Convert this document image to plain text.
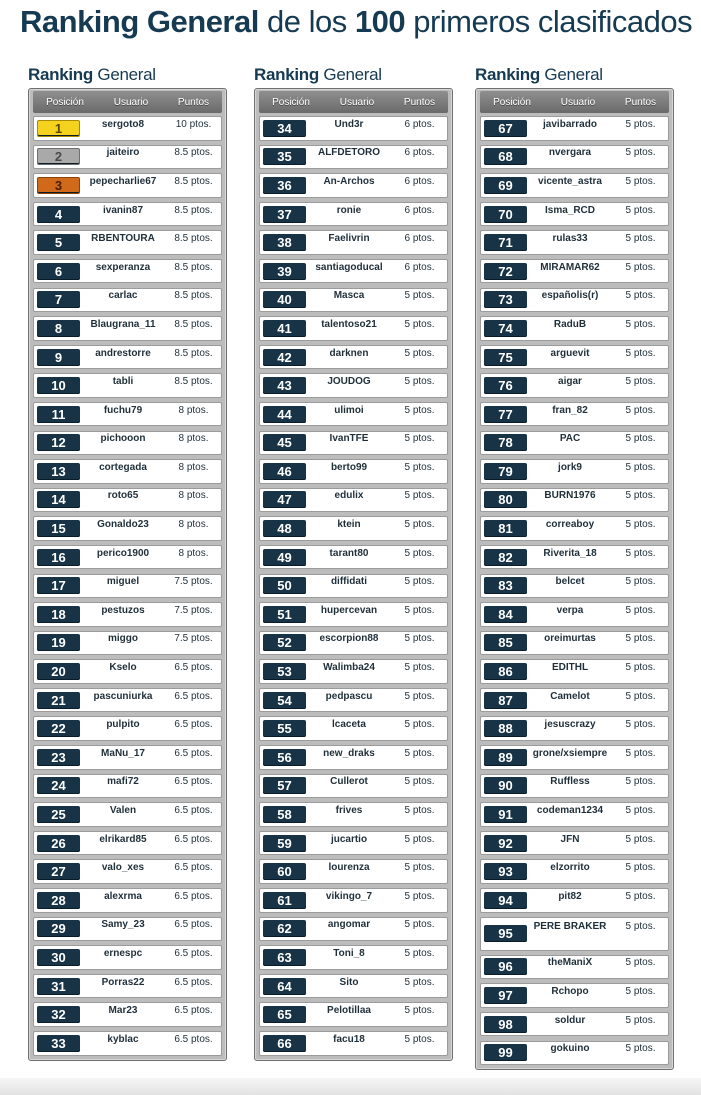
Ranking General de los 100 primeros clasificados
Ranking General
Posición	Usuario	Puntos
1	sergoto8	10 ptos.
2	jaiteiro	8.5 ptos.
3	pepecharlie67	8.5 ptos.
4	ivanin87	8.5 ptos.
5	RBENTOURA	8.5 ptos.
6	sexperanza	8.5 ptos.
7	carlac	8.5 ptos.
8	Blaugrana_11	8.5 ptos.
9	andrestorre	8.5 ptos.
10	tabli	8.5 ptos.
11	fuchu79	8 ptos.
12	pichooon	8 ptos.
13	cortegada	8 ptos.
14	roto65	8 ptos.
15	Gonaldo23	8 ptos.
16	perico1900	8 ptos.
17	miguel	7.5 ptos.
18	pestuzos	7.5 ptos.
19	miggo	7.5 ptos.
20	Kselo	6.5 ptos.
21	pascuniurka	6.5 ptos.
22	pulpito	6.5 ptos.
23	MaNu_17	6.5 ptos.
24	mafi72	6.5 ptos.
25	Valen	6.5 ptos.
26	elrikard85	6.5 ptos.
27	valo_xes	6.5 ptos.
28	alexrma	6.5 ptos.
29	Samy_23	6.5 ptos.
30	ernespc	6.5 ptos.
31	Porras22	6.5 ptos.
32	Mar23	6.5 ptos.
33	kyblac	6.5 ptos.
Ranking General
Posición	Usuario	Puntos
34	Und3r	6 ptos.
35	ALFDETORO	6 ptos.
36	An-Archos	6 ptos.
37	ronie	6 ptos.
38	Faelivrin	6 ptos.
39	santiagoducal	6 ptos.
40	Masca	5 ptos.
41	talentoso21	5 ptos.
42	darknen	5 ptos.
43	JOUDOG	5 ptos.
44	ulimoi	5 ptos.
45	IvanTFE	5 ptos.
46	berto99	5 ptos.
47	edulix	5 ptos.
48	ktein	5 ptos.
49	tarant80	5 ptos.
50	diffidati	5 ptos.
51	hupercevan	5 ptos.
52	escorpion88	5 ptos.
53	Walimba24	5 ptos.
54	pedpascu	5 ptos.
55	lcaceta	5 ptos.
56	new_draks	5 ptos.
57	Cullerot	5 ptos.
58	frives	5 ptos.
59	jucartio	5 ptos.
60	lourenza	5 ptos.
61	vikingo_7	5 ptos.
62	angomar	5 ptos.
63	Toni_8	5 ptos.
64	Sito	5 ptos.
65	Pelotillaa	5 ptos.
66	facu18	5 ptos.
Ranking General
Posición	Usuario	Puntos
67	javibarrado	5 ptos.
68	nvergara	5 ptos.
69	vicente_astra	5 ptos.
70	Isma_RCD	5 ptos.
71	rulas33	5 ptos.
72	MIRAMAR62	5 ptos.
73	españolis(r)	5 ptos.
74	RaduB	5 ptos.
75	arguevit	5 ptos.
76	aigar	5 ptos.
77	fran_82	5 ptos.
78	PAC	5 ptos.
79	jork9	5 ptos.
80	BURN1976	5 ptos.
81	correaboy	5 ptos.
82	Riverita_18	5 ptos.
83	belcet	5 ptos.
84	verpa	5 ptos.
85	oreimurtas	5 ptos.
86	EDITHL	5 ptos.
87	Camelot	5 ptos.
88	jesuscrazy	5 ptos.
89	grone/xsiempre	5 ptos.
90	Ruffless	5 ptos.
91	codeman1234	5 ptos.
92	JFN	5 ptos.
93	elzorrito	5 ptos.
94	pit82	5 ptos.
95	PERE BRAKER	5 ptos.
96	theManiX	5 ptos.
97	Rchopo	5 ptos.
98	soldur	5 ptos.
99	gokuino	5 ptos.
